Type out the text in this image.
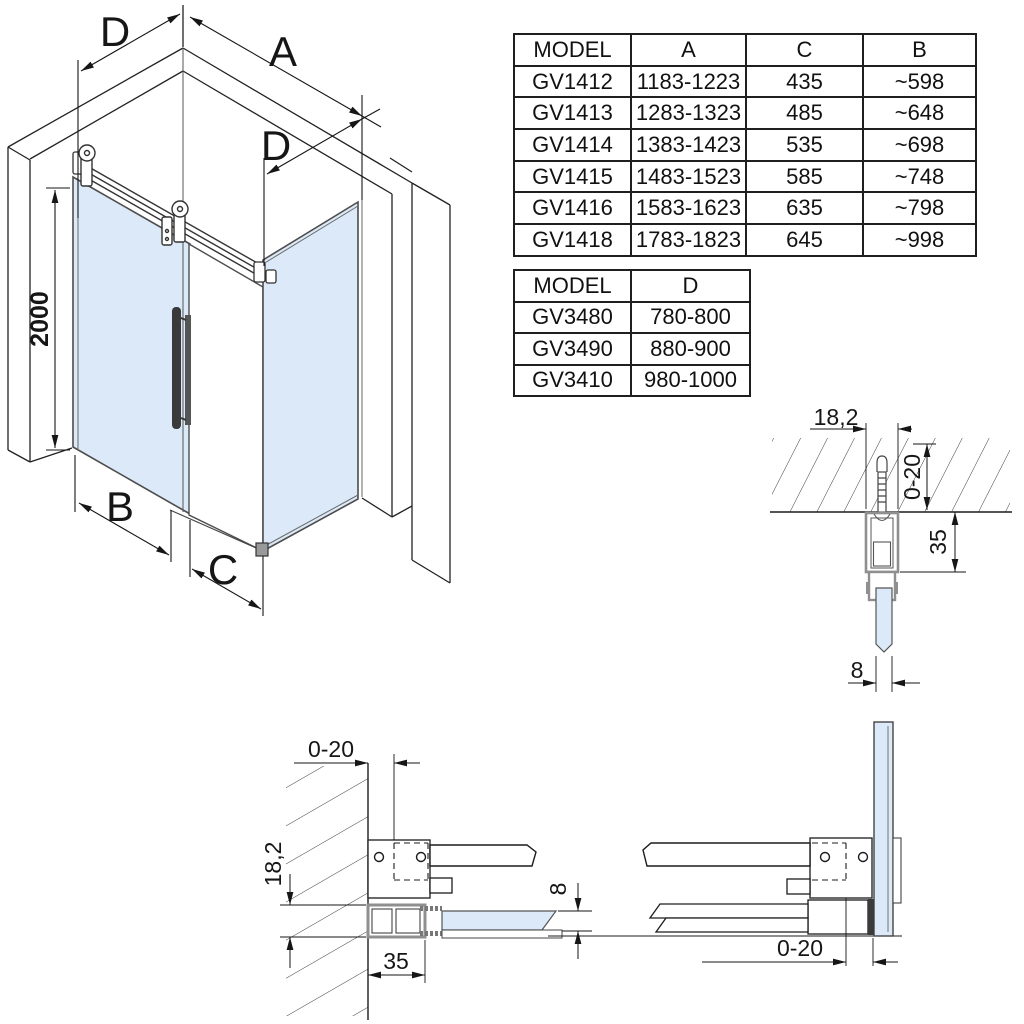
D	A
D
2000
B
C
18,2
0-20
35
8
0-20
18,2
35
8
0-20
MODEL	A	C	B
GV1412	1183-1223	435	~598
GV1413	1283-1323	485	~648
GV1414	1383-1423	535	~698
GV1415	1483-1523	585	~748
GV1416	1583-1623	635	~798
GV1418	1783-1823	645	~998
MODEL	D
GV3480	780-800
GV3490	880-900
GV3410	980-1000
